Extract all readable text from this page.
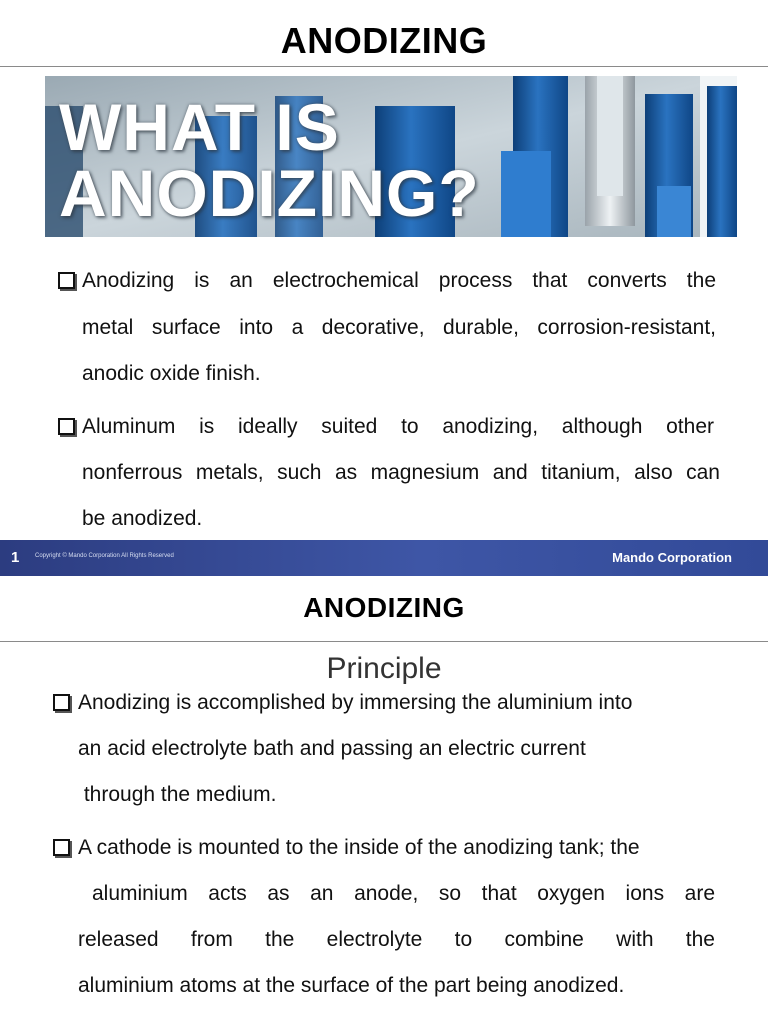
ANODIZING
WHAT IS
ANODIZING?
Anodizing is an electrochemical process that converts the
metal surface into a decorative, durable, corrosion-resistant,
anodic oxide finish.
Aluminum is ideally suited to anodizing, although other
nonferrous metals, such as magnesium and titanium, also can
be anodized.
1	Copyright © Mando Corporation All Rights Reserved	Mando Corporation
ANODIZING
Principle
Anodizing is accomplished by immersing the aluminium into
an acid electrolyte bath and passing an electric current
through the medium.
A cathode is mounted to the inside of the anodizing tank; the
aluminium acts as an anode, so that oxygen ions are
released from the electrolyte to combine with the
aluminium atoms at the surface of the part being anodized.
